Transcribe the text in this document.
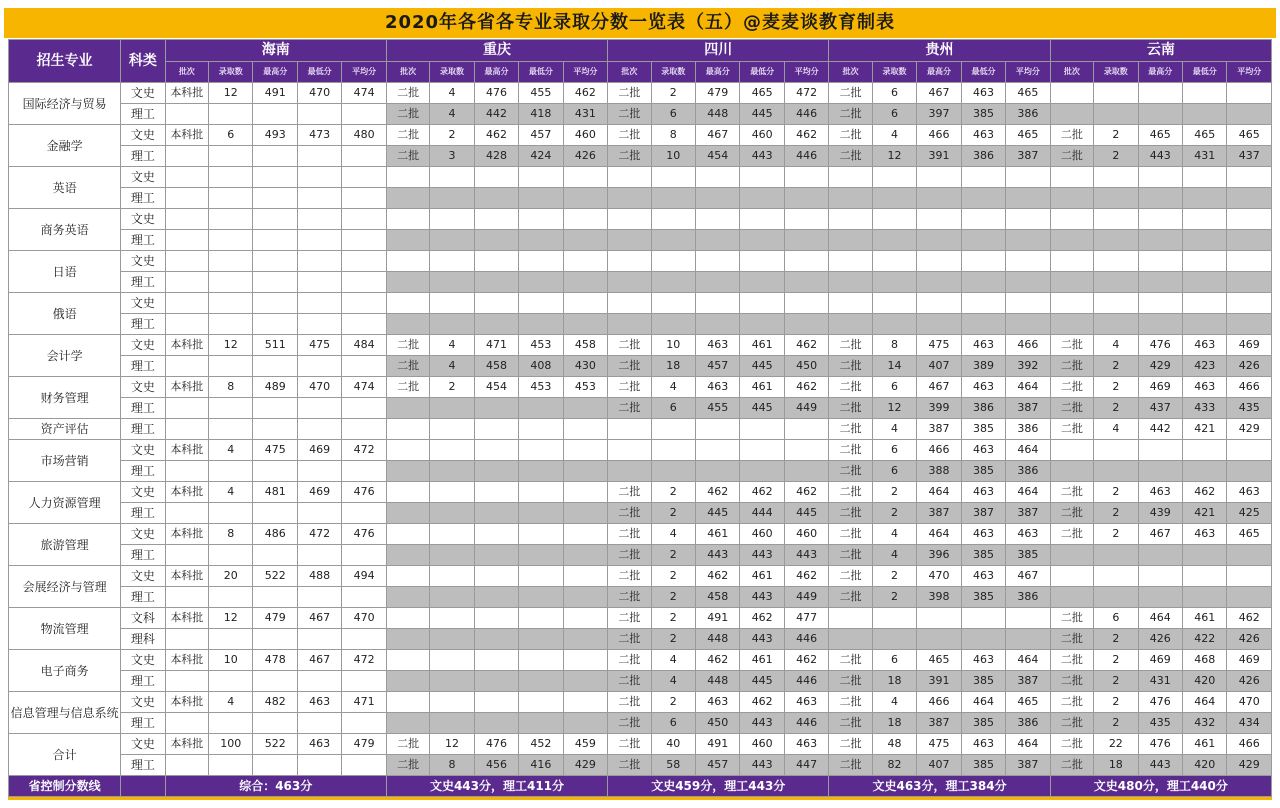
2020年各省各专业录取分数一览表（五）@麦麦谈教育制表
招生专业	科类	海南					重庆					四川					贵州					云南				
		批次	录取数	最高分	最低分	平均分	批次	录取数	最高分	最低分	平均分	批次	录取数	最高分	最低分	平均分	批次	录取数	最高分	最低分	平均分	批次	录取数	最高分	最低分	平均分
国际经济与贸易	文史	本科批	12	491	470	474	二批	4	476	455	462	二批	2	479	465	472	二批	6	467	463	465					
	理工						二批	4	442	418	431	二批	6	448	445	446	二批	6	397	385	386					
金融学	文史	本科批	6	493	473	480	二批	2	462	457	460	二批	8	467	460	462	二批	4	466	463	465	二批	2	465	465	465
	理工						二批	3	428	424	426	二批	10	454	443	446	二批	12	391	386	387	二批	2	443	431	437
英语	文史																									
	理工																									
商务英语	文史																									
	理工																									
日语	文史																									
	理工																									
俄语	文史																									
	理工																									
会计学	文史	本科批	12	511	475	484	二批	4	471	453	458	二批	10	463	461	462	二批	8	475	463	466	二批	4	476	463	469
	理工						二批	4	458	408	430	二批	18	457	445	450	二批	14	407	389	392	二批	2	429	423	426
财务管理	文史	本科批	8	489	470	474	二批	2	454	453	453	二批	4	463	461	462	二批	6	467	463	464	二批	2	469	463	466
	理工											二批	6	455	445	449	二批	12	399	386	387	二批	2	437	433	435
资产评估	理工																二批	4	387	385	386	二批	4	442	421	429
市场营销	文史	本科批	4	475	469	472											二批	6	466	463	464					
	理工																二批	6	388	385	386					
人力资源管理	文史	本科批	4	481	469	476						二批	2	462	462	462	二批	2	464	463	464	二批	2	463	462	463
	理工											二批	2	445	444	445	二批	2	387	387	387	二批	2	439	421	425
旅游管理	文史	本科批	8	486	472	476						二批	4	461	460	460	二批	4	464	463	463	二批	2	467	463	465
	理工											二批	2	443	443	443	二批	4	396	385	385					
会展经济与管理	文史	本科批	20	522	488	494						二批	2	462	461	462	二批	2	470	463	467					
	理工											二批	2	458	443	449	二批	2	398	385	386					
物流管理	文科	本科批	12	479	467	470						二批	2	491	462	477						二批	6	464	461	462
	理科											二批	2	448	443	446						二批	2	426	422	426
电子商务	文史	本科批	10	478	467	472						二批	4	462	461	462	二批	6	465	463	464	二批	2	469	468	469
	理工											二批	4	448	445	446	二批	18	391	385	387	二批	2	431	420	426
信息管理与信息系统	文史	本科批	4	482	463	471						二批	2	463	462	463	二批	4	466	464	465	二批	2	476	464	470
	理工											二批	6	450	443	446	二批	18	387	385	386	二批	2	435	432	434
合计	文史	本科批	100	522	463	479	二批	12	476	452	459	二批	40	491	460	463	二批	48	475	463	464	二批	22	476	461	466
	理工						二批	8	456	416	429	二批	58	457	443	447	二批	82	407	385	387	二批	18	443	420	429
省控制分数线		综合：463分					文史443分，理工411分					文史459分，理工443分					文史463分，理工384分					文史480分，理工440分				
